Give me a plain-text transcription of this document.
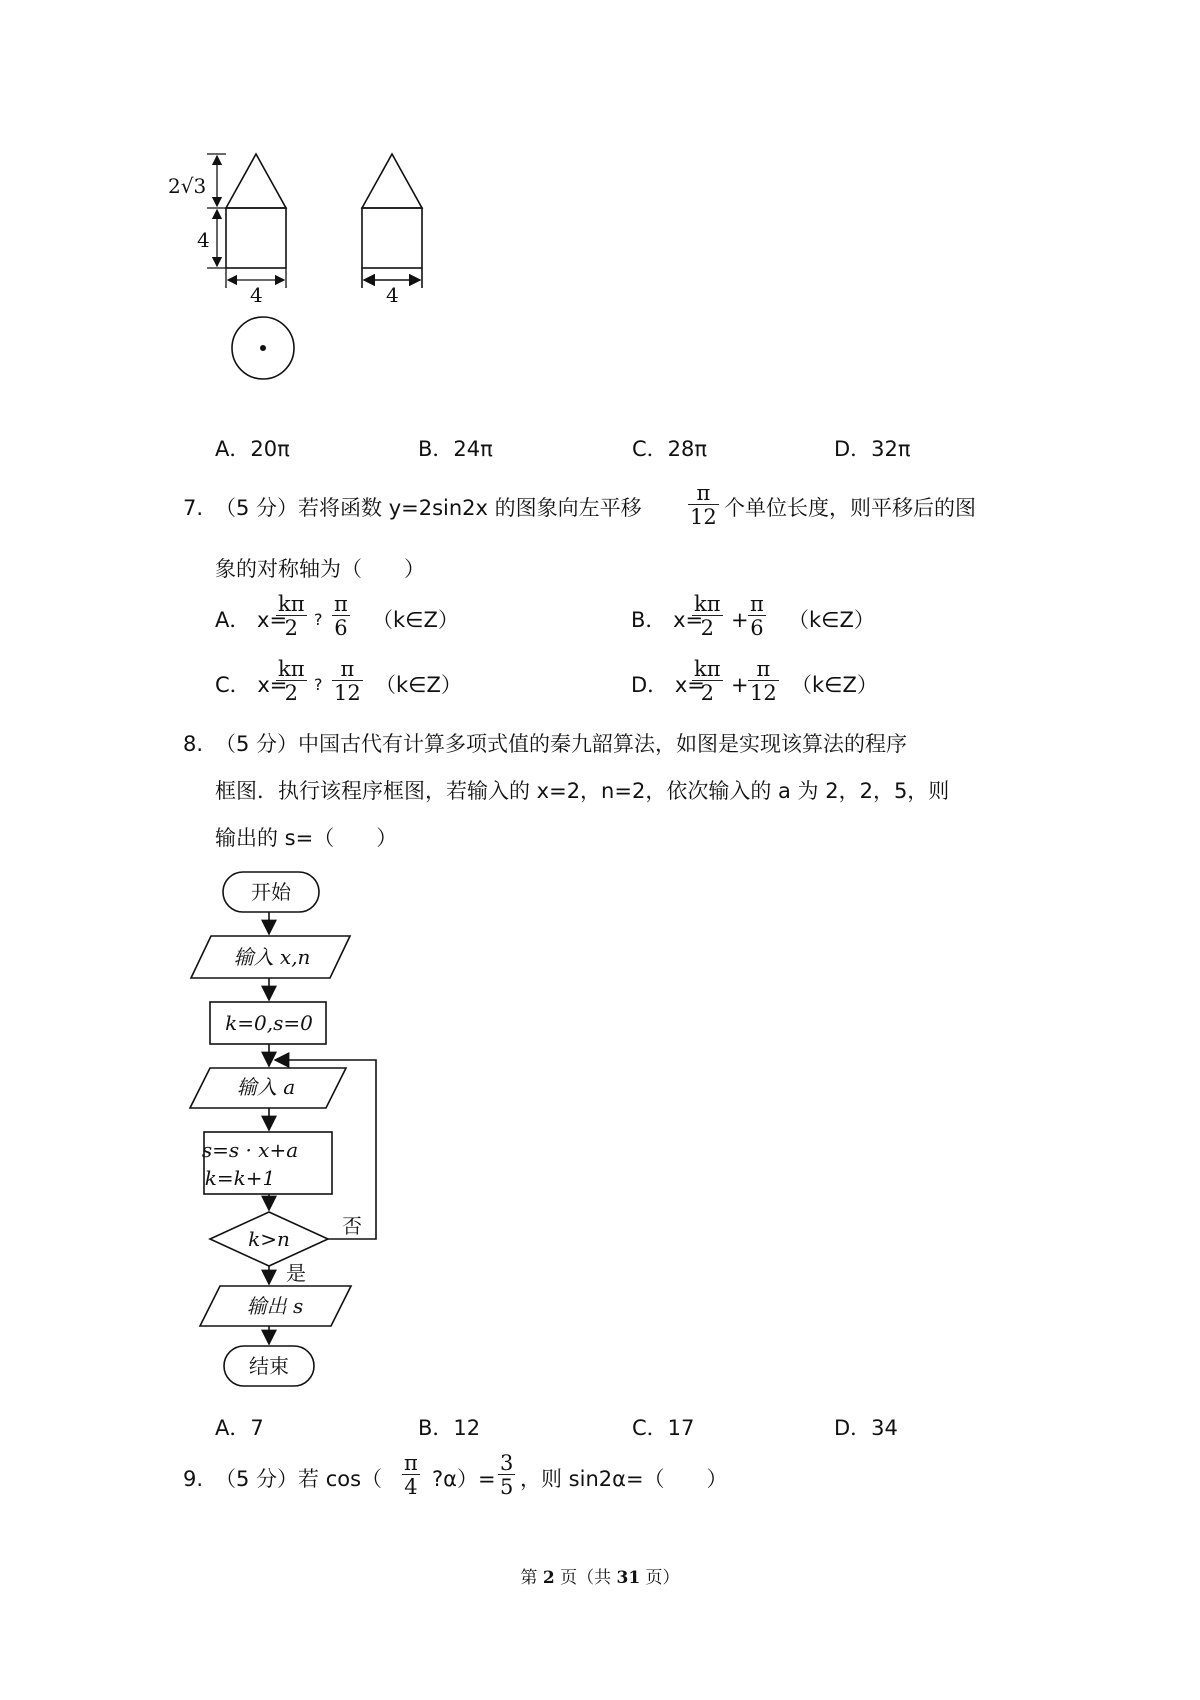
2√3
4
4	4
A．20π	B．24π	C．28π	D．32π
7. （5 分）若将函数 y=2sin2x 的图象向左平移
π
12 个单位长度，则平移后的图
象的对称轴为（　　）
A． x=
kπ
2	?
π
6 （k∈Z）	B． x=
kπ
2 +
π
6 （k∈Z）
C． x=
kπ
2	?
π
12 （k∈Z）	D． x=
kπ
2 +
π
12 （k∈Z）
8. （5 分）中国古代有计算多项式值的秦九韶算法，如图是实现该算法的程序
框图．执行该程序框图，若输入的 x=2，n=2，依次输入的 a 为 2，2，5，则
输出的 s=（　　）
开始
输入 x,n
k=0,s=0
输入 a
s=s · x+a
k=k+1
k>n
否
是
输出 s
结束
A．7	B．12	C．17	D．34
9. （5 分）若 cos（
π
4 ?α）=
3
5 ，则 sin2α=（　　）
第 2 页（共 31 页）
